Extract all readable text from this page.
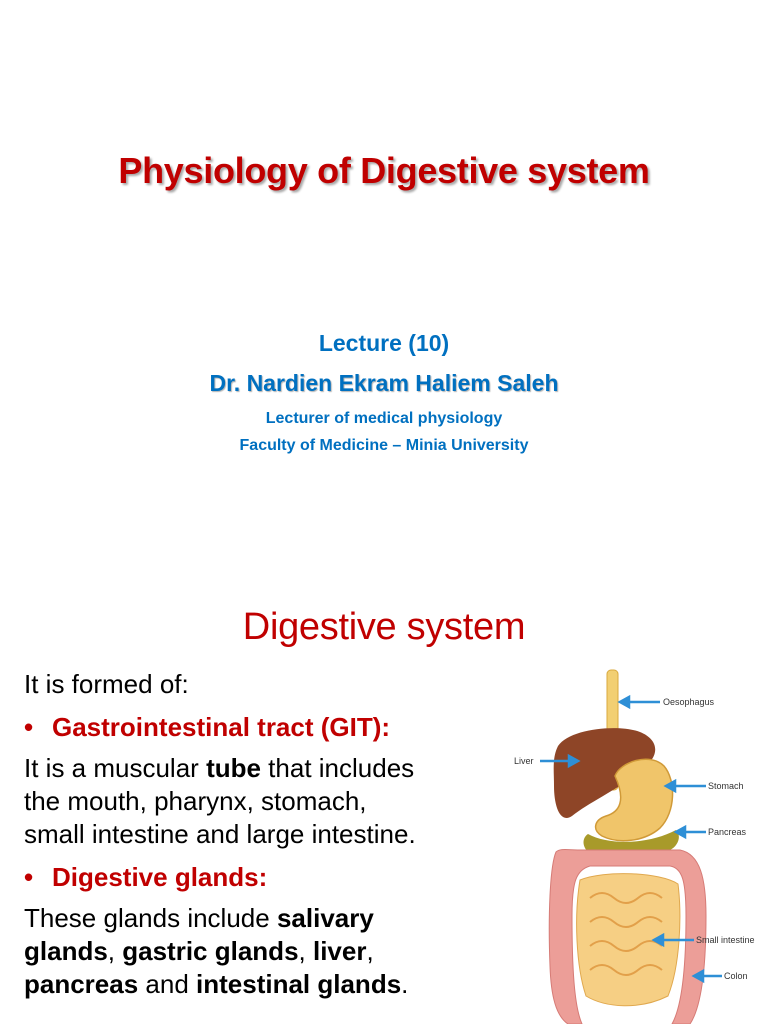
Physiology of Digestive system
Lecture (10)
Dr. Nardien Ekram Haliem Saleh
Lecturer of medical physiology
Faculty of Medicine – Minia University
Digestive system

It is formed of:

• Gastrointestinal tract (GIT):

It is a muscular tube that includes

the mouth, pharynx, stomach,

small intestine and large intestine.

• Digestive glands:

These glands include salivary

glands, gastric glands, liver,

pancreas and intestinal glands.

Oesophagus
Liver
Stomach
Pancreas
Small intestine
Colon
